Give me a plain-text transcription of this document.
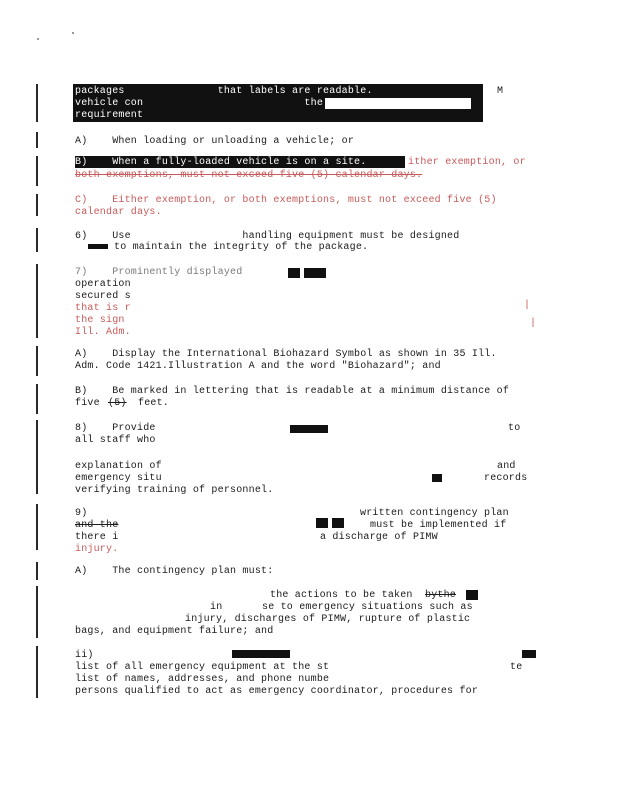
packages               that labels are readable.
vehicle con                          the
requirement
M
A)    When loading or unloading a vehicle; or
B)    When a fully-loaded vehicle is on a site.	ither exemption, or
both exemptions, must not exceed five (5) calendar days.
C)    Either exemption, or both exemptions, must not exceed five (5)
calendar days.
6)    Use                  handling equipment must be designed
to maintain the integrity of the package.
7)    Prominently displayed
operation
secured s
that is r
the sign
Ill. Adm.
A)    Display the International Biohazard Symbol as shown in 35 Ill.
Adm. Code 1421.Illustration A and the word "Biohazard"; and
B)    Be marked in lettering that is readable at a minimum distance of
five (5) feet.
8)    Provide	to
all staff who
explanation of	and
emergency situ	records
verifying training of personnel.
9)	written contingency plan
and the	must be implemented if
there i	a discharge of PIMW
injury.
A)    The contingency plan must:
the actions to be taken bythe
in	se to emergency situations such as
injury, discharges of PIMW, rupture of plastic
bags, and equipment failure; and
ii)
list of all emergency equipment at the st	te
list of names, addresses, and phone numbe
persons qualified to act as emergency coordinator, procedures for
|
|
